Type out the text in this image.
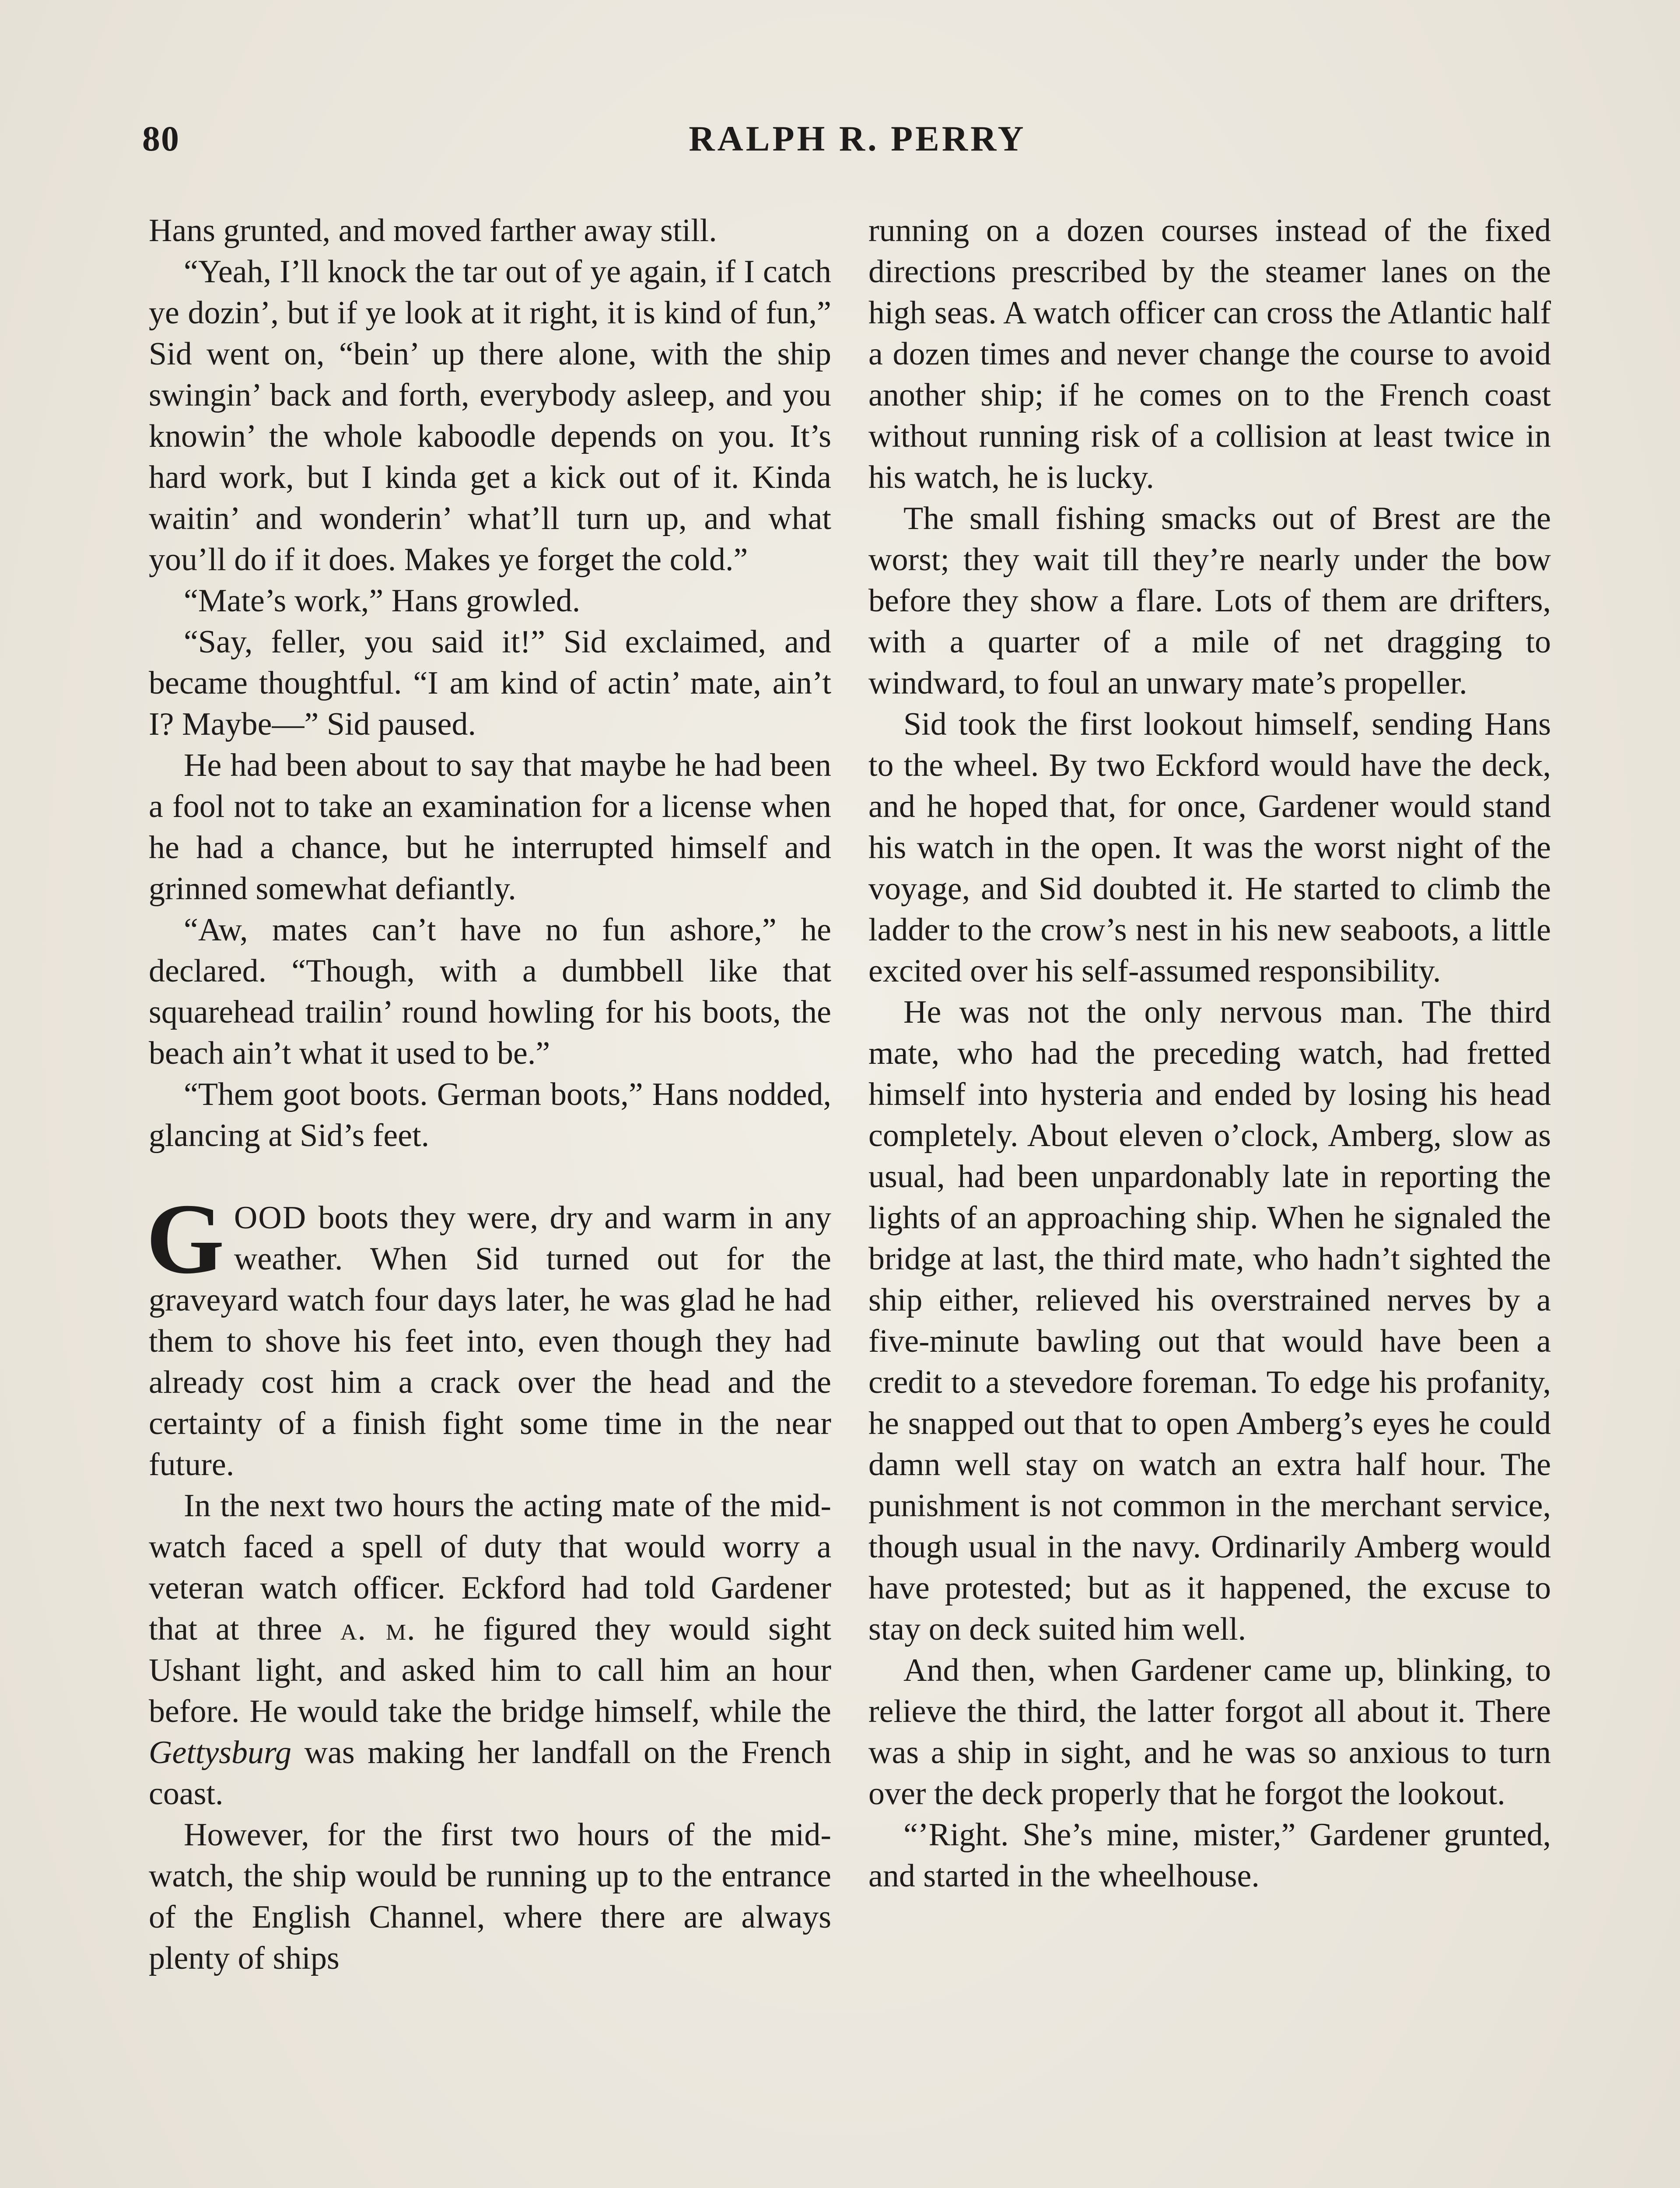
80	RALPH R. PERRY

Hans grunted, and moved farther away still.

“Yeah, I’ll knock the tar out of ye again, if I catch ye dozin’, but if ye look at it right, it is kind of fun,” Sid went on, “bein’ up there alone, with the ship swingin’ back and forth, everybody asleep, and you knowin’ the whole kaboodle depends on you. It’s hard work, but I kinda get a kick out of it. Kinda waitin’ and wonderin’ what’ll turn up, and what you’ll do if it does. Makes ye forget the cold.”

“Mate’s work,” Hans growled.

“Say, feller, you said it!” Sid exclaimed, and became thoughtful. “I am kind of actin’ mate, ain’t I? Maybe—” Sid paused.

He had been about to say that maybe he had been a fool not to take an examination for a license when he had a chance, but he interrupted himself and grinned somewhat defiantly.

“Aw, mates can’t have no fun ashore,” he declared. “Though, with a dumbbell like that squarehead trailin’ round howling for his boots, the beach ain’t what it used to be.”

“Them goot boots. German boots,” Hans nodded, glancing at Sid’s feet.

GOOD boots they were, dry and warm in any weather. When Sid turned out for the graveyard watch four days later, he was glad he had them to shove his feet into, even though they had already cost him a crack over the head and the certainty of a finish fight some time in the near future.

In the next two hours the acting mate of the mid-watch faced a spell of duty that would worry a veteran watch officer. Eckford had told Gardener that at three a. m. he figured they would sight Ushant light, and asked him to call him an hour before. He would take the bridge himself, while the Gettysburg was making her landfall on the French coast.

However, for the first two hours of the mid-watch, the ship would be running up to the entrance of the English Channel, where there are always plenty of ships

running on a dozen courses instead of the fixed directions prescribed by the steamer lanes on the high seas. A watch officer can cross the Atlantic half a dozen times and never change the course to avoid another ship; if he comes on to the French coast without running risk of a collision at least twice in his watch, he is lucky.

The small fishing smacks out of Brest are the worst; they wait till they’re nearly under the bow before they show a flare. Lots of them are drifters, with a quarter of a mile of net dragging to windward, to foul an unwary mate’s propeller.

Sid took the first lookout himself, sending Hans to the wheel. By two Eckford would have the deck, and he hoped that, for once, Gardener would stand his watch in the open. It was the worst night of the voyage, and Sid doubted it. He started to climb the ladder to the crow’s nest in his new seaboots, a little excited over his self-assumed responsibility.

He was not the only nervous man. The third mate, who had the preceding watch, had fretted himself into hysteria and ended by losing his head completely. About eleven o’clock, Amberg, slow as usual, had been unpardonably late in reporting the lights of an approaching ship. When he signaled the bridge at last, the third mate, who hadn’t sighted the ship either, relieved his overstrained nerves by a five-minute bawling out that would have been a credit to a stevedore foreman. To edge his profanity, he snapped out that to open Amberg’s eyes he could damn well stay on watch an extra half hour. The punishment is not common in the merchant service, though usual in the navy. Ordinarily Amberg would have protested; but as it happened, the excuse to stay on deck suited him well.

And then, when Gardener came up, blinking, to relieve the third, the latter forgot all about it. There was a ship in sight, and he was so anxious to turn over the deck properly that he forgot the lookout.

“’Right. She’s mine, mister,” Gardener grunted, and started in the wheelhouse.
